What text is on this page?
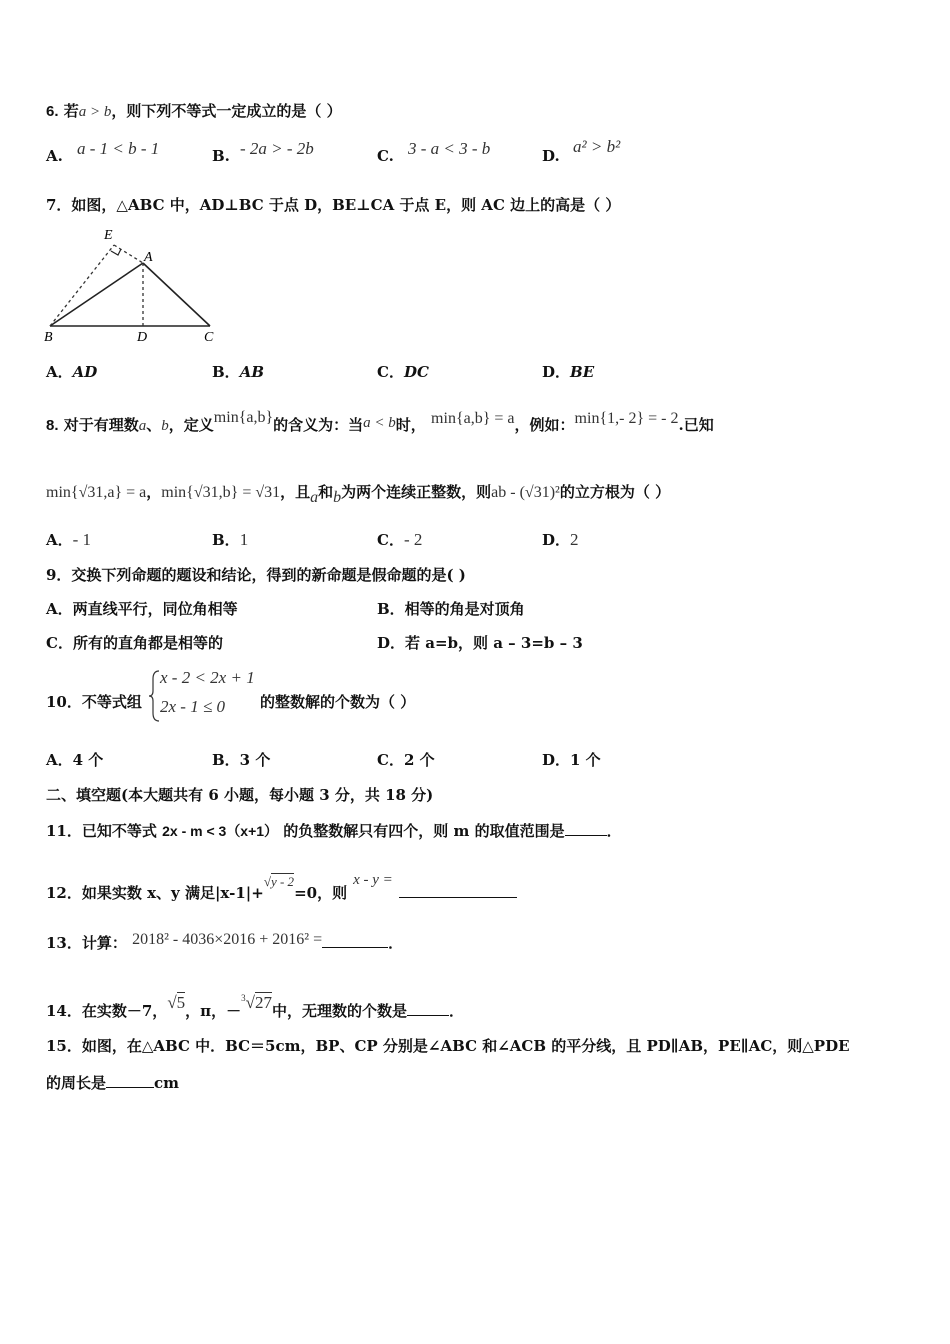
6. 若a > b，则下列不等式一定成立的是（ ）
A. a - 1 < b - 1	B. - 2a > - 2b	C. 3 - a < 3 - b	D. a² > b²
7．如图，△ABC 中，AD⊥BC 于点 D，BE⊥CA 于点 E，则 AC 边上的高是（ ）
E
A
B	D	C
A．AD	B．AB	C．DC	D．BE
8. 对于有理数a、b，定义min{a,b}的含义为：当a < b时， min{a,b} = a，例如：min{1,- 2} = - 2.已知
min{√31,a} = a，min{√31,b} = √31，且a和b为两个连续正整数，则ab - (√31)²的立方根为（ ）
A．- 1	B．1	C．- 2	D．2
9．交换下列命题的题设和结论，得到的新命题是假命题的是( )
A．两直线平行，同位角相等	B．相等的角是对顶角
C．所有的直角都是相等的	D．若 a=b，则 a – 3=b – 3
10．不等式组
x - 2 < 2x + 1
2x - 1 ≤ 0 的整数解的个数为（ ）
A．4 个	B．3 个	C．2 个	D．1 个
二、填空题(本大题共有 6 小题，每小题 3 分，共 18 分)
11．已知不等式 2x - m < 3（x+1） 的负整数解只有四个，则 m 的取值范围是	．
12．如果实数 x、y 满足|x-1|+√y - 2=0，则x - y =
13．计算： 2018² - 4036×2016 + 2016² =	．
14．在实数－7，√5，π，－$^3$√27中，无理数的个数是	．
15．如图，在△ABC 中．BC＝5cm，BP、CP 分别是∠ABC 和∠ACB 的平分线，且 PD∥AB，PE∥AC，则△PDE
的周长是	cm
